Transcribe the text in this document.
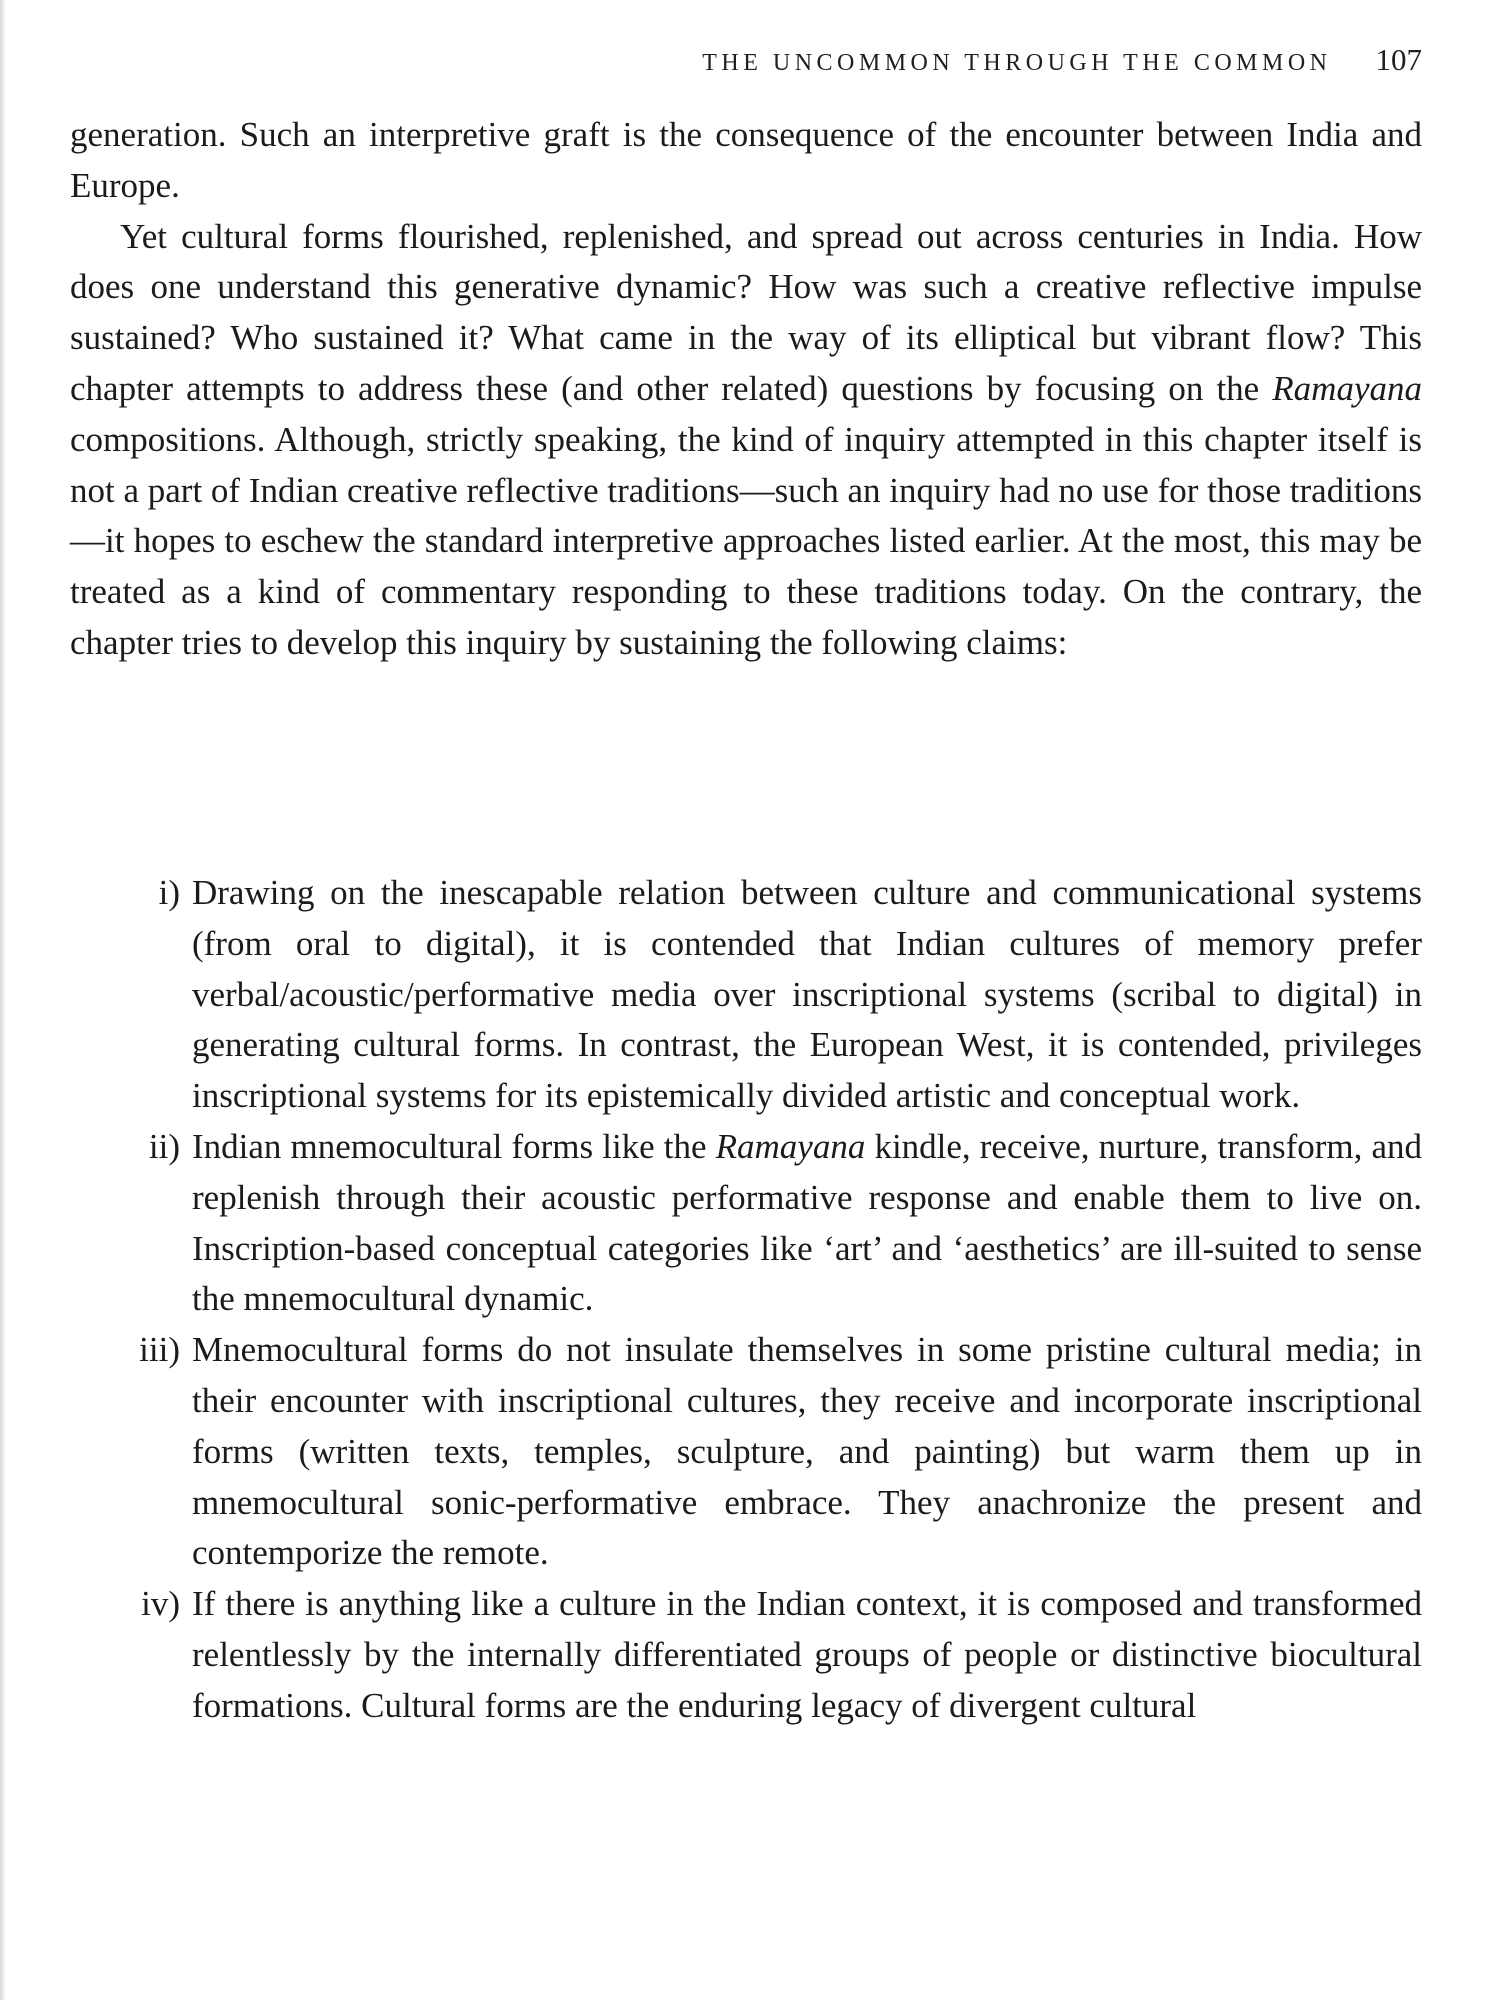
THE UNCOMMON THROUGH THE COMMON 107

generation. Such an interpretive graft is the consequence of the encounter between India and Europe.

Yet cultural forms flourished, replenished, and spread out across centuries in India. How does one understand this generative dynamic? How was such a creative reflective impulse sustained? Who sustained it? What came in the way of its elliptical but vibrant flow? This chapter attempts to address these (and other related) questions by focusing on the Ramayana compositions. Although, strictly speaking, the kind of inquiry attempted in this chapter itself is not a part of Indian creative reflective traditions—such an inquiry had no use for those traditions—it hopes to eschew the standard interpretive approaches listed earlier. At the most, this may be treated as a kind of commentary responding to these traditions today. On the contrary, the chapter tries to develop this inquiry by sustaining the following claims:

i) Drawing on the inescapable relation between culture and communicational systems (from oral to digital), it is contended that Indian cultures of memory prefer verbal/acoustic/performative media over inscriptional systems (scribal to digital) in generating cultural forms. In contrast, the European West, it is contended, privileges inscriptional systems for its epistemically divided artistic and conceptual work.
ii) Indian mnemocultural forms like the Ramayana kindle, receive, nurture, transform, and replenish through their acoustic performative response and enable them to live on. Inscription-based conceptual categories like ‘art’ and ‘aesthetics’ are ill-suited to sense the mnemocultural dynamic.
iii) Mnemocultural forms do not insulate themselves in some pristine cultural media; in their encounter with inscriptional cultures, they receive and incorporate inscriptional forms (written texts, temples, sculpture, and painting) but warm them up in mnemocultural sonic-performative embrace. They anachronize the present and contemporize the remote.
iv) If there is anything like a culture in the Indian context, it is composed and transformed relentlessly by the internally differentiated groups of people or distinctive biocultural formations. Cultural forms are the enduring legacy of divergent cultural
